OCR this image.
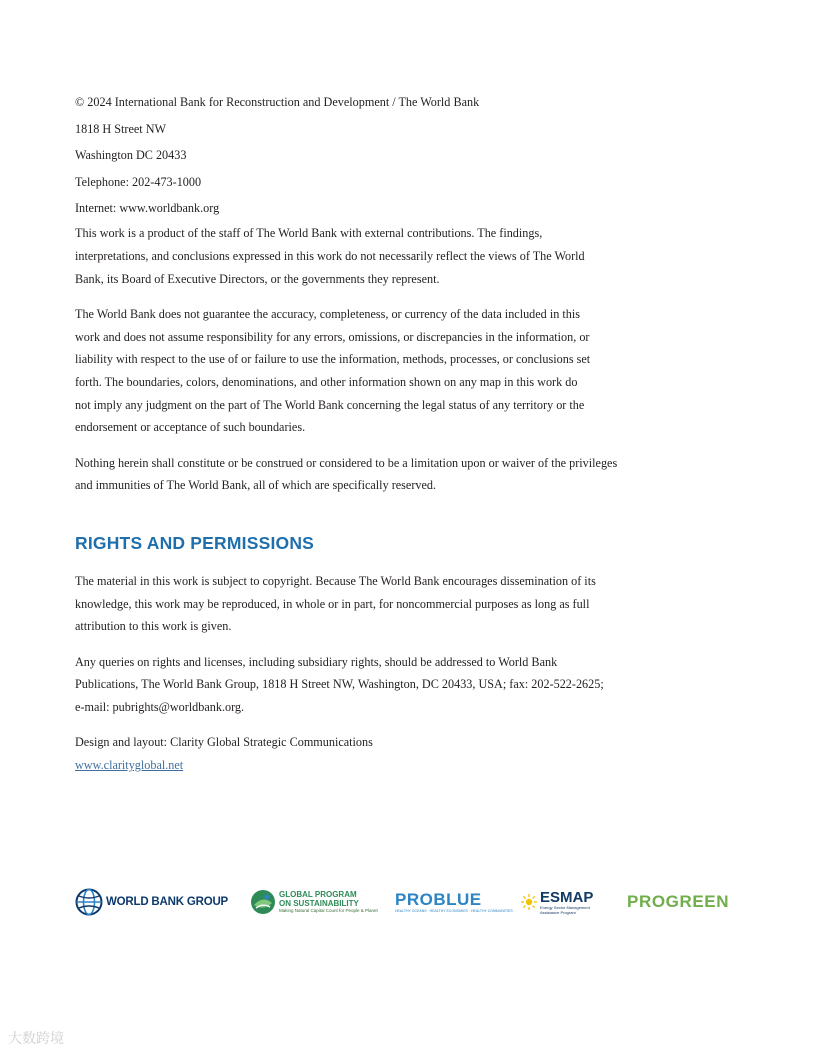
© 2024 International Bank for Reconstruction and Development / The World Bank

1818 H Street NW

Washington DC 20433

Telephone: 202-473-1000

Internet: www.worldbank.org

This work is a product of the staff of The World Bank with external contributions. The findings,
interpretations, and conclusions expressed in this work do not necessarily reflect the views of The World
Bank, its Board of Executive Directors, or the governments they represent.

The World Bank does not guarantee the accuracy, completeness, or currency of the data included in this
work and does not assume responsibility for any errors, omissions, or discrepancies in the information, or
liability with respect to the use of or failure to use the information, methods, processes, or conclusions set
forth. The boundaries, colors, denominations, and other information shown on any map in this work do
not imply any judgment on the part of The World Bank concerning the legal status of any territory or the
endorsement or acceptance of such boundaries.

Nothing herein shall constitute or be construed or considered to be a limitation upon or waiver of the privileges
and immunities of The World Bank, all of which are specifically reserved.

RIGHTS AND PERMISSIONS

The material in this work is subject to copyright. Because The World Bank encourages dissemination of its
knowledge, this work may be reproduced, in whole or in part, for noncommercial purposes as long as full
attribution to this work is given.

Any queries on rights and licenses, including subsidiary rights, should be addressed to World Bank
Publications, The World Bank Group, 1818 H Street NW, Washington, DC 20433, USA; fax: 202-522-2625;
e-mail: pubrights@worldbank.org.

Design and layout: Clarity Global Strategic Communications
www.clarityglobal.net

WORLD BANK GROUP
GLOBAL PROGRAM
ON SUSTAINABILITY
Making Natural Capital Count for People & Planet
PROBLUE
HEALTHY OCEANS · HEALTHY ECONOMIES · HEALTHY COMMUNITIES
ESMAP
Energy Sector Management
Assistance Program
PROGREEN
大数跨境
